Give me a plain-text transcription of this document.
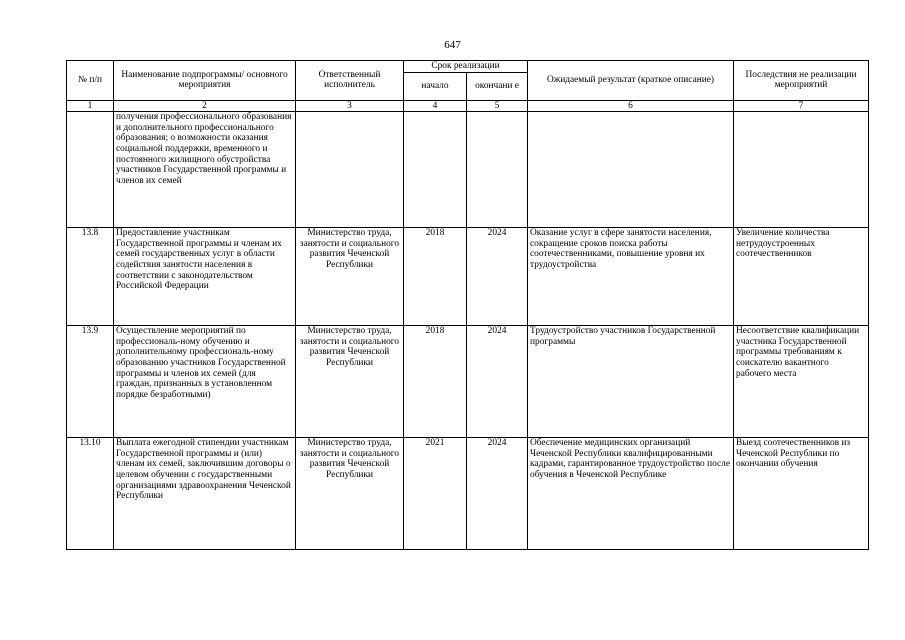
647
№ п/п	Наименование подпрограммы/ основного мероприятия	Ответственный исполнитель	Срок реализации		Ожидаемый результат (краткое описание)	Последствия не реализации мероприятий
			начало	окончани е		
1	2	3	4	5	6	7
	получения профессионального образования и дополнительного профессионального образования; о возможности оказания социальной поддержки, временного и постоянного жилищного обустройства участников Государственной программы и членов их семей					
13.8	Предоставление участникам Государственной программы и членам их семей государственных услуг в области содействия занятости населения в соответствии с законодательством Российской Федерации	Министерство труда, занятости и социального развития Чеченской Республики	2018	2024	Оказание услуг в сфере занятости населения, сокращение сроков поиска работы соотечественниками, повышение уровня их трудоустройства	Увеличение количества нетрудоустроенных соотечественников
13.9	Осуществление мероприятий по профессиональ-ному обучению и дополнительному профессиональ-ному образованию участников Государственной программы и членов их семей (для граждан, признанных в установленном порядке безработными)	Министерство труда, занятости и социального развития Чеченской Республики	2018	2024	Трудоустройство участников Государственной программы	Несоответствие квалификации участника Государственной программы требованиям к соискателю вакантного рабочего места
13.10	Выплата ежегодной стипендии участникам Государственной программы и (или) членам их семей, заключившим договоры о целевом обучении с государственными организациями здравоохранения Чеченской Республики	Министерство труда, занятости и социального развития Чеченской Республики	2021	2024	Обеспечение медицинских организаций Чеченской Республики квалифицированными кадрами, гарантированное трудоустройство после обучения в Чеченской Республике	Выезд соотечественников из Чеченской Республики по окончании обучения
